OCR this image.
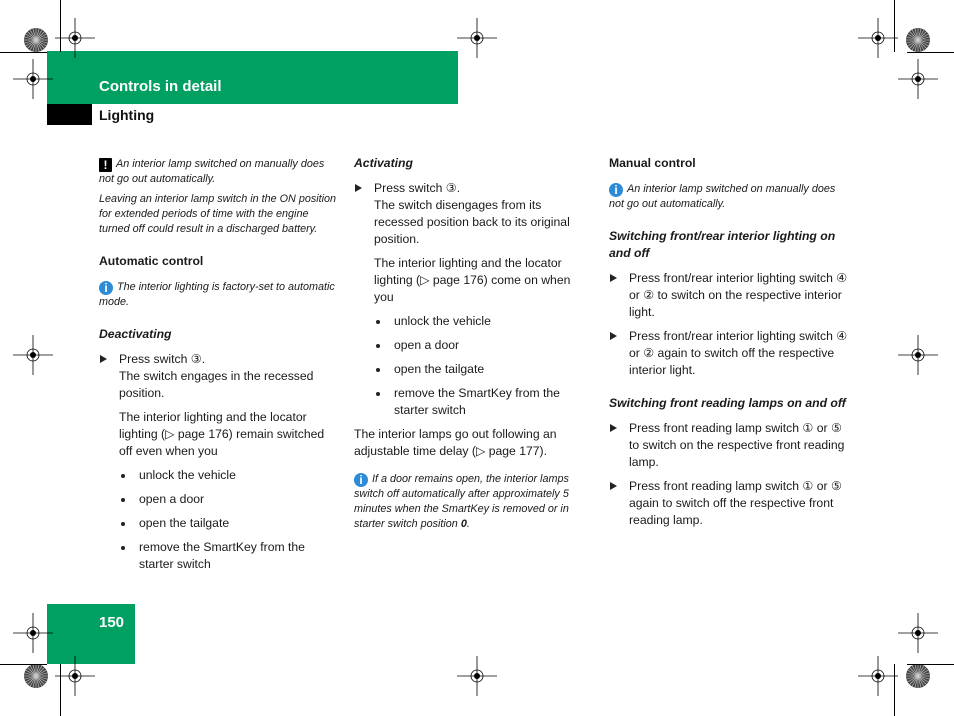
Controls in detail
Lighting
150

! An interior lamp switched on manually does not go out automatically.

Leaving an interior lamp switch in the ON position for extended periods of time with the engine turned off could result in a discharged battery.

Automatic control
i The interior lighting is factory-set to automatic mode.
Deactivating
Press switch ③.
The switch engages in the recessed position.
The interior lighting and the locator lighting (▷ page 176) remain switched off even when you
unlock the vehicle
open a door
open the tailgate
remove the SmartKey from the starter switch
Activating
Press switch ③.
The switch disengages from its recessed position back to its original position.
The interior lighting and the locator lighting (▷ page 176) come on when you
unlock the vehicle
open a door
open the tailgate
remove the SmartKey from the starter switch
The interior lamps go out following an adjustable time delay (▷ page 177).
i If a door remains open, the interior lamps switch off automatically after approximately 5 minutes when the SmartKey is removed or in starter switch position 0.
Manual control
i An interior lamp switched on manually does not go out automatically.
Switching front/rear interior lighting on and off
Press front/rear interior lighting switch ④ or ② to switch on the respective interior light.
Press front/rear interior lighting switch ④ or ② again to switch off the respective interior light.
Switching front reading lamps on and off
Press front reading lamp switch ① or ⑤ to switch on the respective front reading lamp.
Press front reading lamp switch ① or ⑤ again to switch off the respective front reading lamp.
